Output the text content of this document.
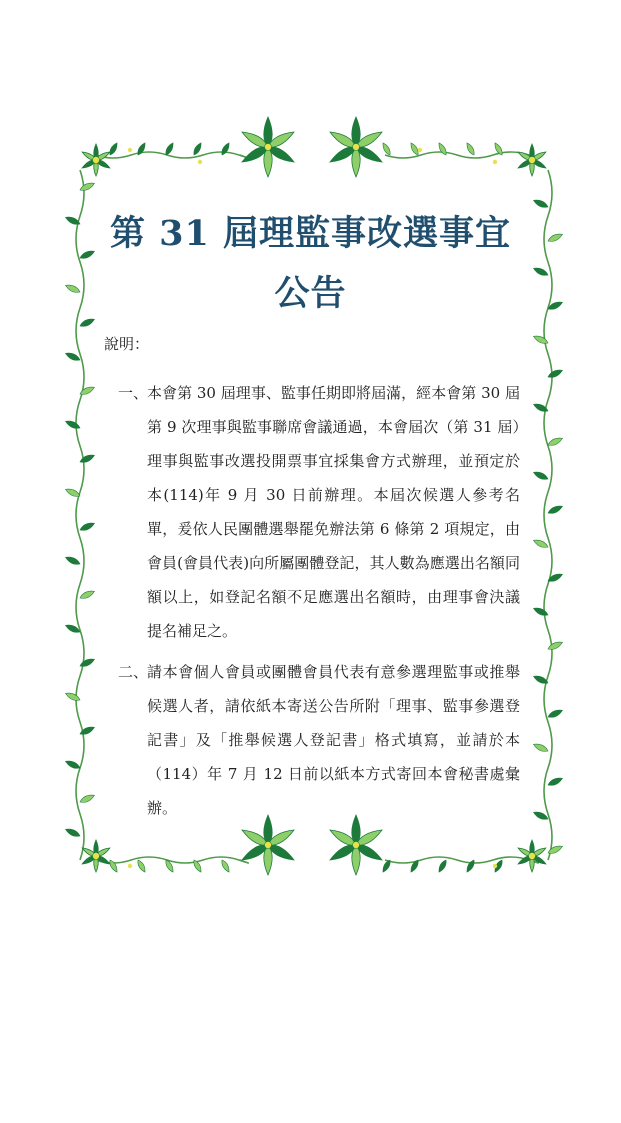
第 31 屆理監事改選事宜
公告
說明：
一、
本會第 30 屆理事、監事任期即將屆滿，經本會第 30 屆第 9 次理事與監事聯席會議通過，本會屆次（第 31 屆）理事與監事改選投開票事宜採集會方式辦理，並預定於本(114)年 9 月 30 日前辦理。本屆次候選人參考名單，爰依人民團體選舉罷免辦法第 6 條第 2 項規定，由會員(會員代表)向所屬團體登記，其人數為應選出名額同額以上，如登記名額不足應選出名額時，由理事會決議提名補足之。
二、
請本會個人會員或團體會員代表有意參選理監事或推舉候選人者，請依紙本寄送公告所附「理事、監事參選登記書」及「推舉候選人登記書」格式填寫，並請於本（114）年 7 月 12 日前以紙本方式寄回本會秘書處彙辦。
